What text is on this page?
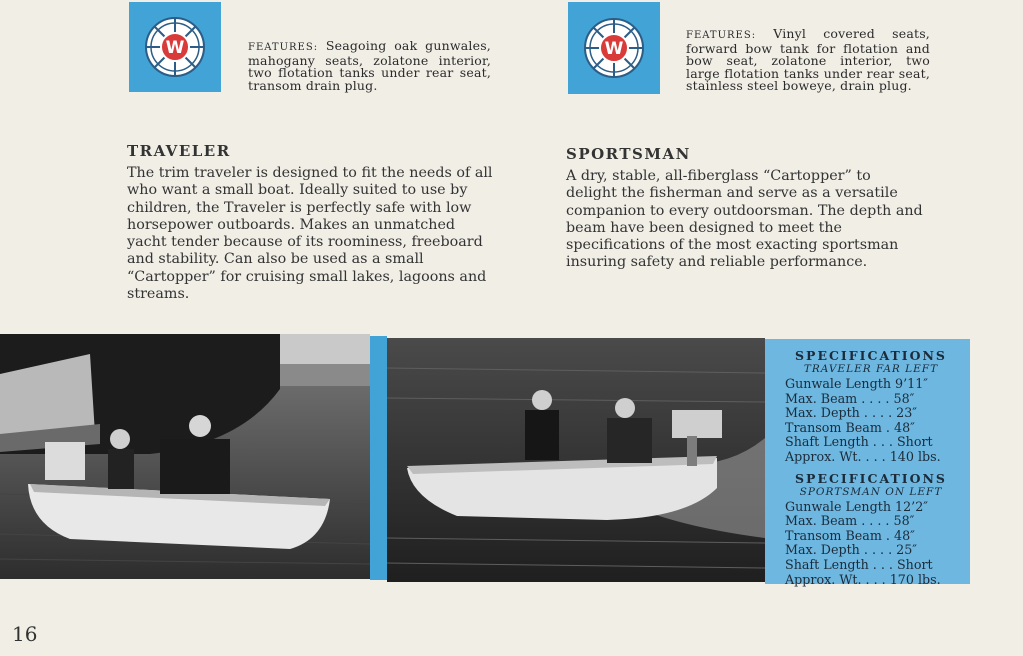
W	W
FEATURES: Seagoing oak gunwales, mahogany seats, zolatone interior, two flotation tanks under rear seat, transom drain plug.
FEATURES: Vinyl covered seats, forward bow tank for flotation and bow seat, zolatone interior, two large flotation tanks under rear seat, stainless steel boweye, drain plug.
TRAVELER	SPORTSMAN
The trim traveler is designed to fit the needs of all who want a small boat. Ideally suited to use by children, the Traveler is perfectly safe with low horsepower outboards. Makes an unmatched yacht tender because of its roominess, freeboard and stability. Can also be used as a small “Cartopper” for cruising small lakes, lagoons and streams.
A dry, stable, all-fiberglass “Cartopper” to delight the fisherman and serve as a versatile companion to every outdoorsman. The depth and beam have been designed to meet the specifications of the most exacting sportsman insuring safety and reliable performance.
SPECIFICATIONS
TRAVELER FAR LEFT
Gunwale Length 9’11″
Max. Beam . . . . 58″
Max. Depth . . . . 23″
Transom Beam . 48″
Shaft Length . . . Short
Approx. Wt. . . . 140 lbs.
SPECIFICATIONS
SPORTSMAN ON LEFT
Gunwale Length 12’2″
Max. Beam . . . . 58″
Transom Beam . 48″
Max. Depth . . . . 25″
Shaft Length . . . Short
Approx. Wt. . . . 170 lbs.
16
